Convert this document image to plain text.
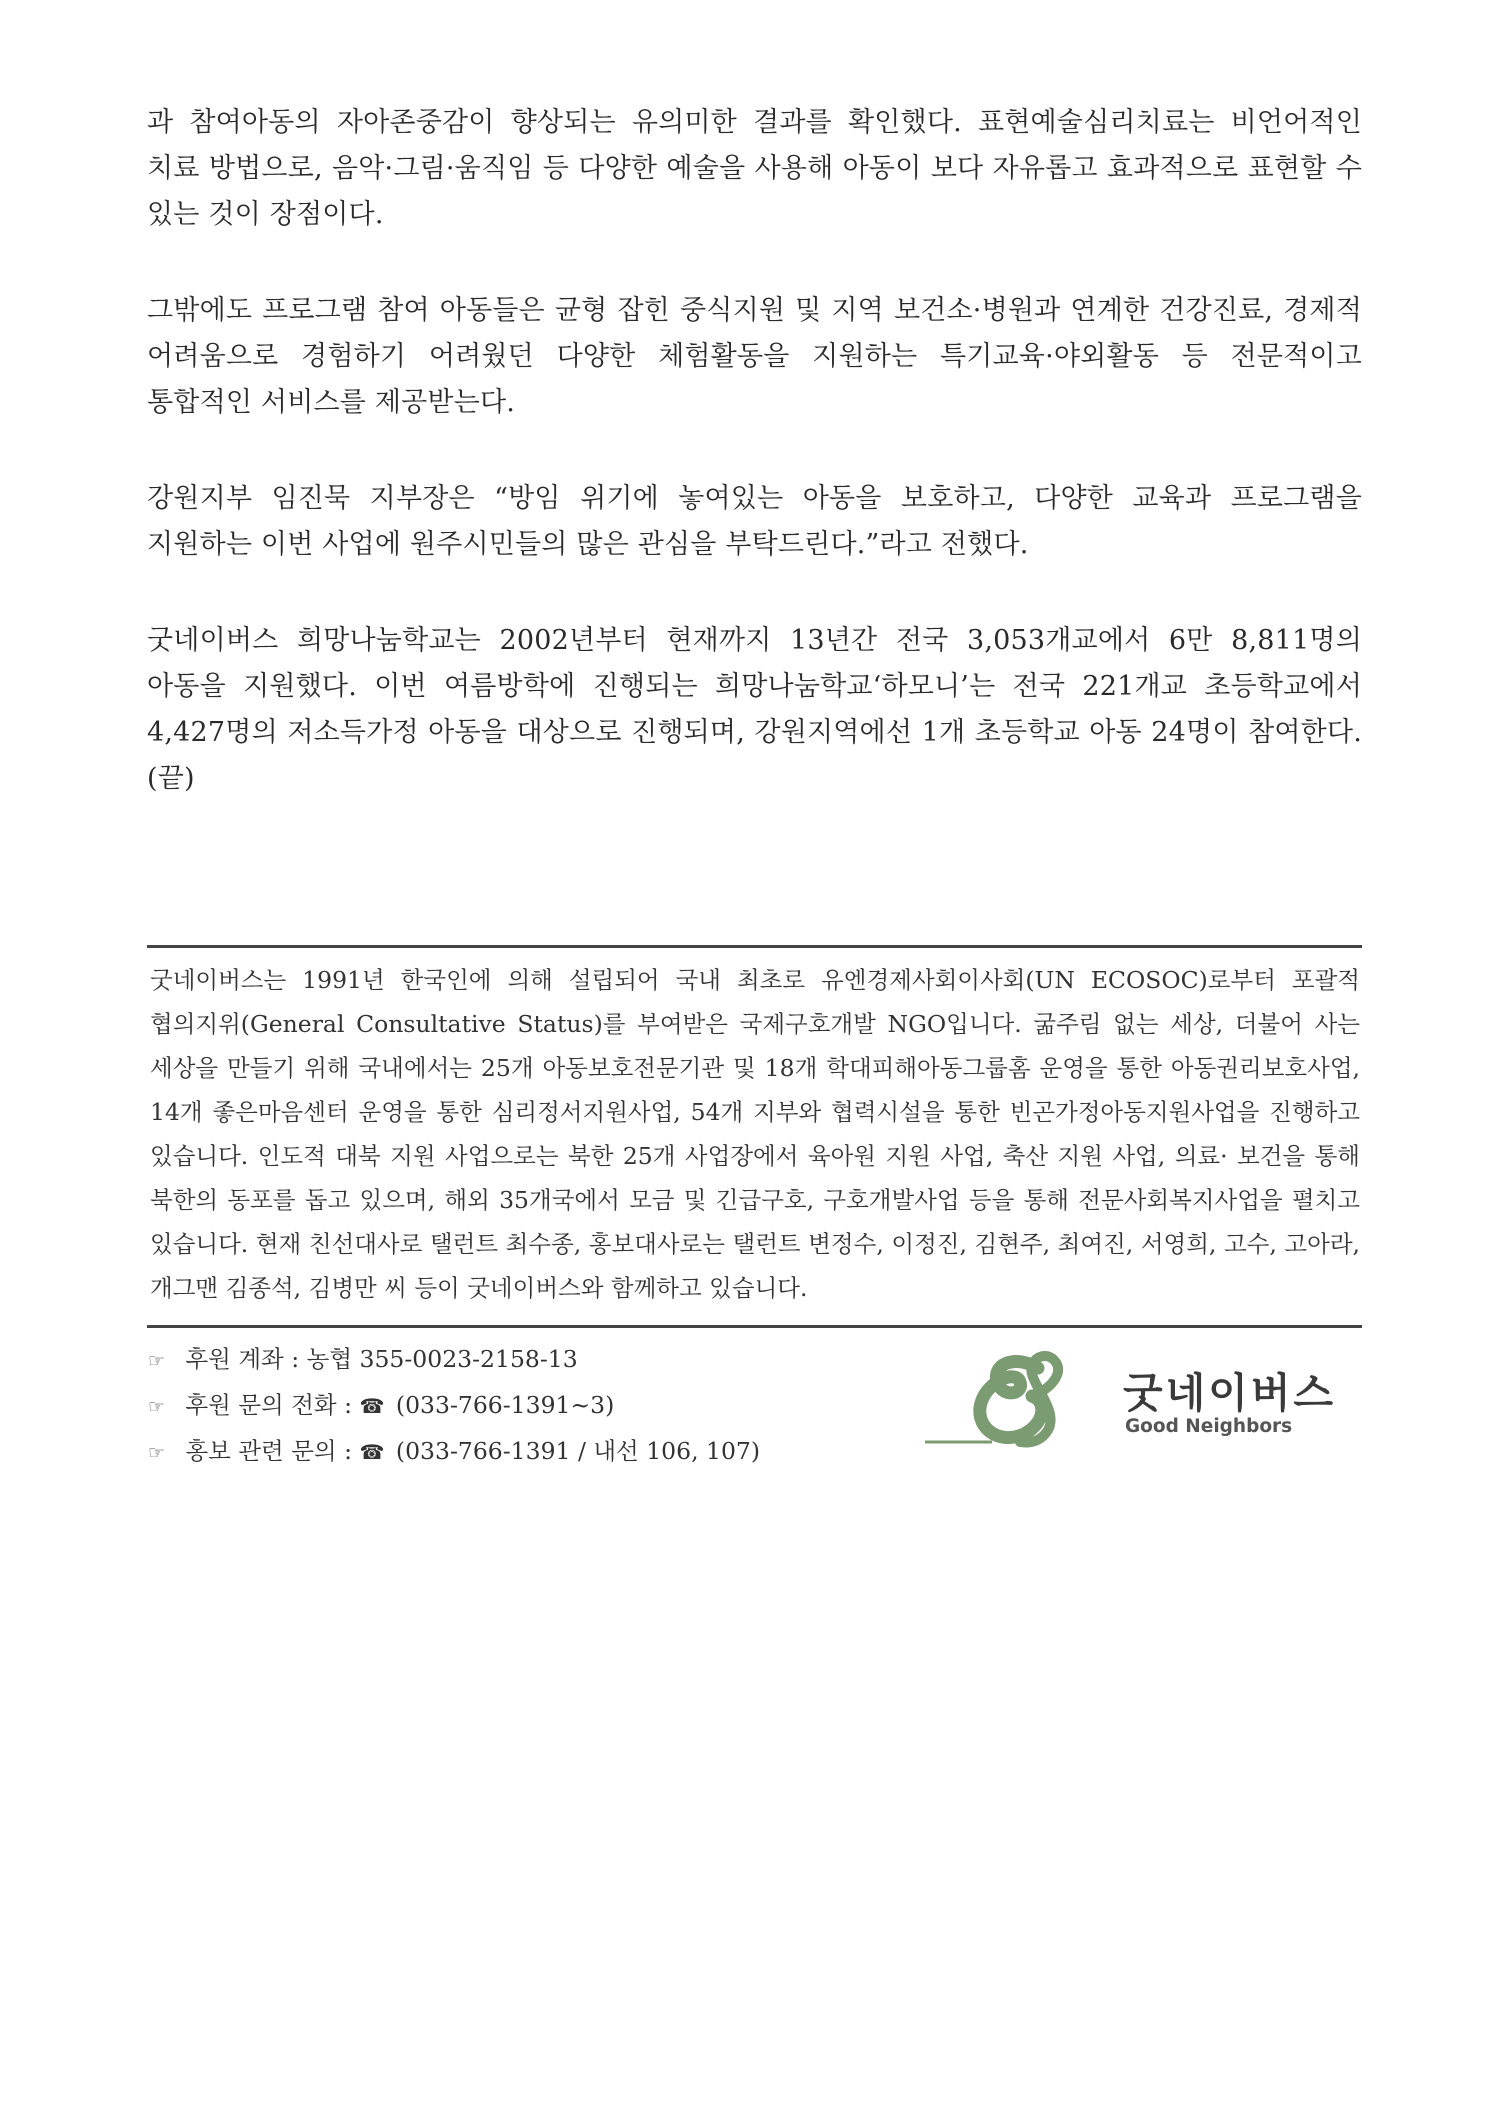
과 참여아동의 자아존중감이 향상되는 유의미한 결과를 확인했다. 표현예술심리치료는 비언어적인 치료 방법으로, 음악·그림·움직임 등 다양한 예술을 사용해 아동이 보다 자유롭고 효과적으로 표현할 수 있는 것이 장점이다.

그밖에도 프로그램 참여 아동들은 균형 잡힌 중식지원 및 지역 보건소·병원과 연계한 건강진료, 경제적 어려움으로 경험하기 어려웠던 다양한 체험활동을 지원하는 특기교육·야외활동 등 전문적이고 통합적인 서비스를 제공받는다.

강원지부 임진묵 지부장은 “방임 위기에 놓여있는 아동을 보호하고, 다양한 교육과 프로그램을 지원하는 이번 사업에 원주시민들의 많은 관심을 부탁드린다.”라고 전했다.

굿네이버스 희망나눔학교는 2002년부터 현재까지 13년간 전국 3,053개교에서 6만 8,811명의 아동을 지원했다. 이번 여름방학에 진행되는 희망나눔학교‘하모니’는 전국 221개교 초등학교에서 4,427명의 저소득가정 아동을 대상으로 진행되며, 강원지역에선 1개 초등학교 아동 24명이 참여한다. (끝)

굿네이버스는 1991년 한국인에 의해 설립되어 국내 최초로 유엔경제사회이사회(UN ECOSOC)로부터 포괄적 협의지위(General Consultative Status)를 부여받은 국제구호개발 NGO입니다. 굶주림 없는 세상, 더불어 사는 세상을 만들기 위해 국내에서는 25개 아동보호전문기관 및 18개 학대피해아동그룹홈 운영을 통한 아동권리보호사업, 14개 좋은마음센터 운영을 통한 심리정서지원사업, 54개 지부와 협력시설을 통한 빈곤가정아동지원사업을 진행하고 있습니다. 인도적 대북 지원 사업으로는 북한 25개 사업장에서 육아원 지원 사업, 축산 지원 사업, 의료· 보건을 통해 북한의 동포를 돕고 있으며, 해외 35개국에서 모금 및 긴급구호, 구호개발사업 등을 통해 전문사회복지사업을 펼치고 있습니다. 현재 친선대사로 탤런트 최수종, 홍보대사로는 탤런트 변정수, 이정진, 김현주, 최여진, 서영희, 고수, 고아라, 개그맨 김종석, 김병만 씨 등이 굿네이버스와 함께하고 있습니다.
☞ 후원 계좌 : 농협 355-0023-2158-13
☞ 후원 문의 전화 : ☎ (033-766-1391~3)
☞ 홍보 관련 문의 : ☎ (033-766-1391 / 내선 106, 107)
굿네이버스
Good Neighbors
